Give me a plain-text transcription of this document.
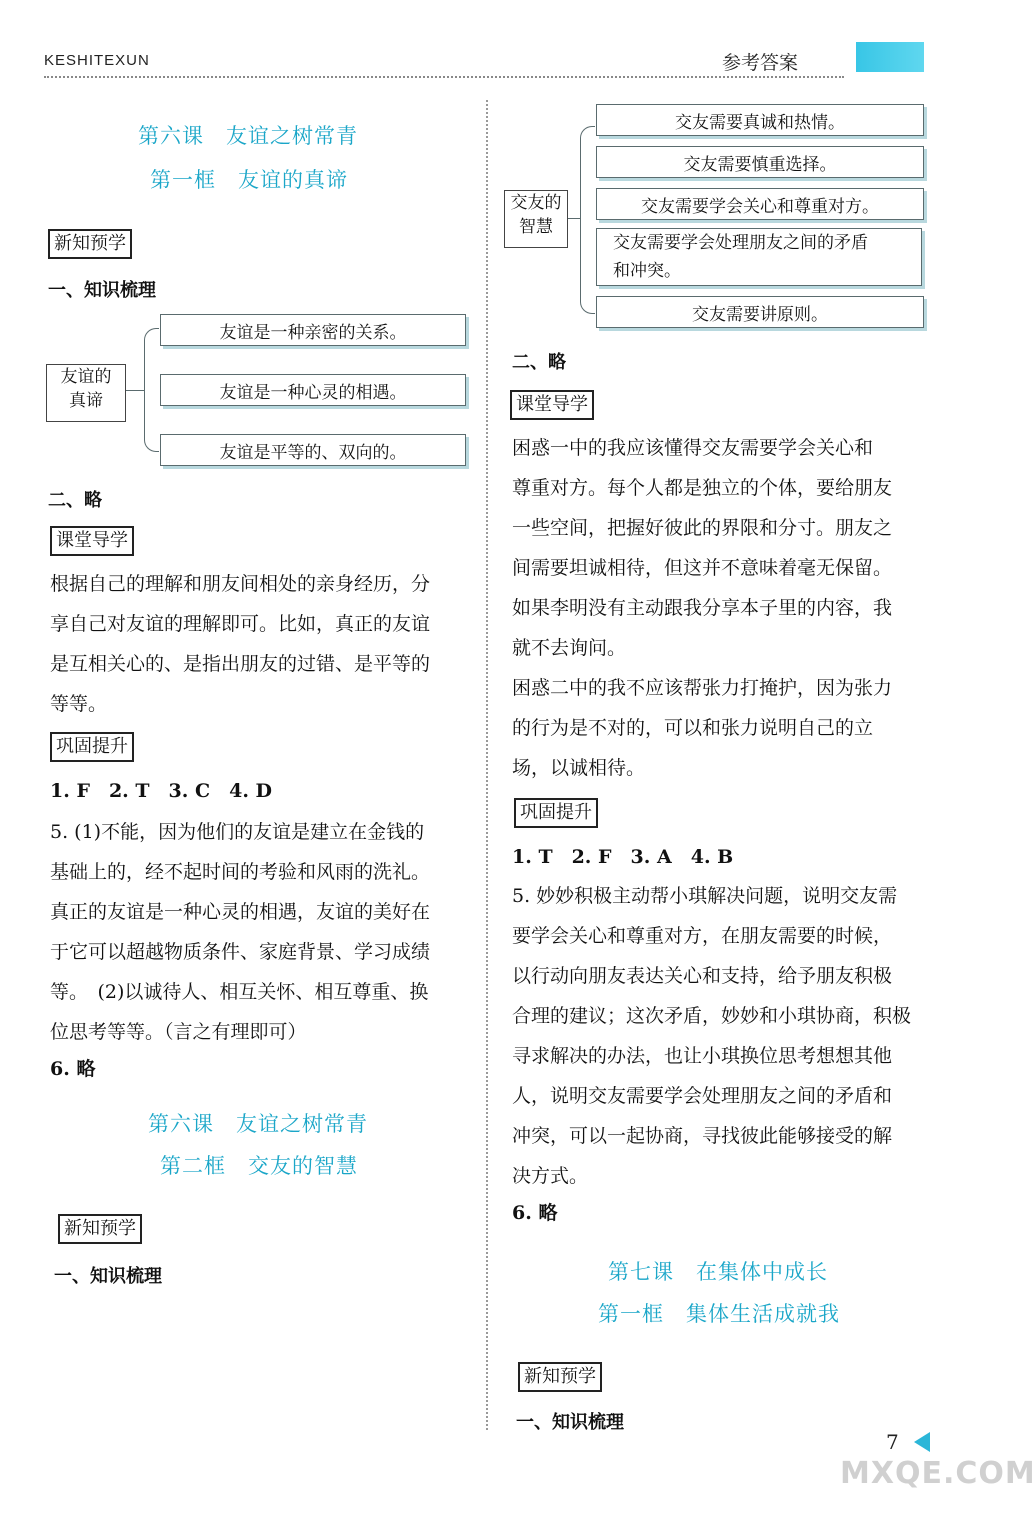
KESHITEXUN	参考答案
第六课　友谊之树常青
第一框　友谊的真谛
新知预学
一、知识梳理
友谊的
真谛
友谊是一种亲密的关系。
友谊是一种心灵的相遇。
友谊是平等的、双向的。
二、略
课堂导学
根据自己的理解和朋友间相处的亲身经历，分
享自己对友谊的理解即可。比如，真正的友谊
是互相关心的、是指出朋友的过错、是平等的
等等。
巩固提升
1. F　2. T　3. C　4. D
5. (1)不能，因为他们的友谊是建立在金钱的
基础上的，经不起时间的考验和风雨的洗礼。
真正的友谊是一种心灵的相遇，友谊的美好在
于它可以超越物质条件、家庭背景、学习成绩
等。　(2)以诚待人、相互关怀、相互尊重、换
位思考等等。（言之有理即可）
6. 略
第六课　友谊之树常青
第二框　交友的智慧
新知预学
一、知识梳理
交友的
智慧
交友需要真诚和热情。
交友需要慎重选择。
交友需要学会关心和尊重对方。
交友需要学会处理朋友之间的矛盾
和冲突。
交友需要讲原则。
二、略
课堂导学
困惑一中的我应该懂得交友需要学会关心和
尊重对方。每个人都是独立的个体，要给朋友
一些空间，把握好彼此的界限和分寸。朋友之
间需要坦诚相待，但这并不意味着毫无保留。
如果李明没有主动跟我分享本子里的内容，我
就不去询问。
困惑二中的我不应该帮张力打掩护，因为张力
的行为是不对的，可以和张力说明自己的立
场，以诚相待。
巩固提升
1. T　2. F　3. A　4. B
5. 妙妙积极主动帮小琪解决问题，说明交友需
要学会关心和尊重对方，在朋友需要的时候，
以行动向朋友表达关心和支持，给予朋友积极
合理的建议；这次矛盾，妙妙和小琪协商，积极
寻求解决的办法，也让小琪换位思考想想其他
人，说明交友需要学会处理朋友之间的矛盾和
冲突，可以一起协商，寻找彼此能够接受的解
决方式。
6. 略
第七课　在集体中成长
第一框　集体生活成就我
新知预学
一、知识梳理
7
MXQE.COM
